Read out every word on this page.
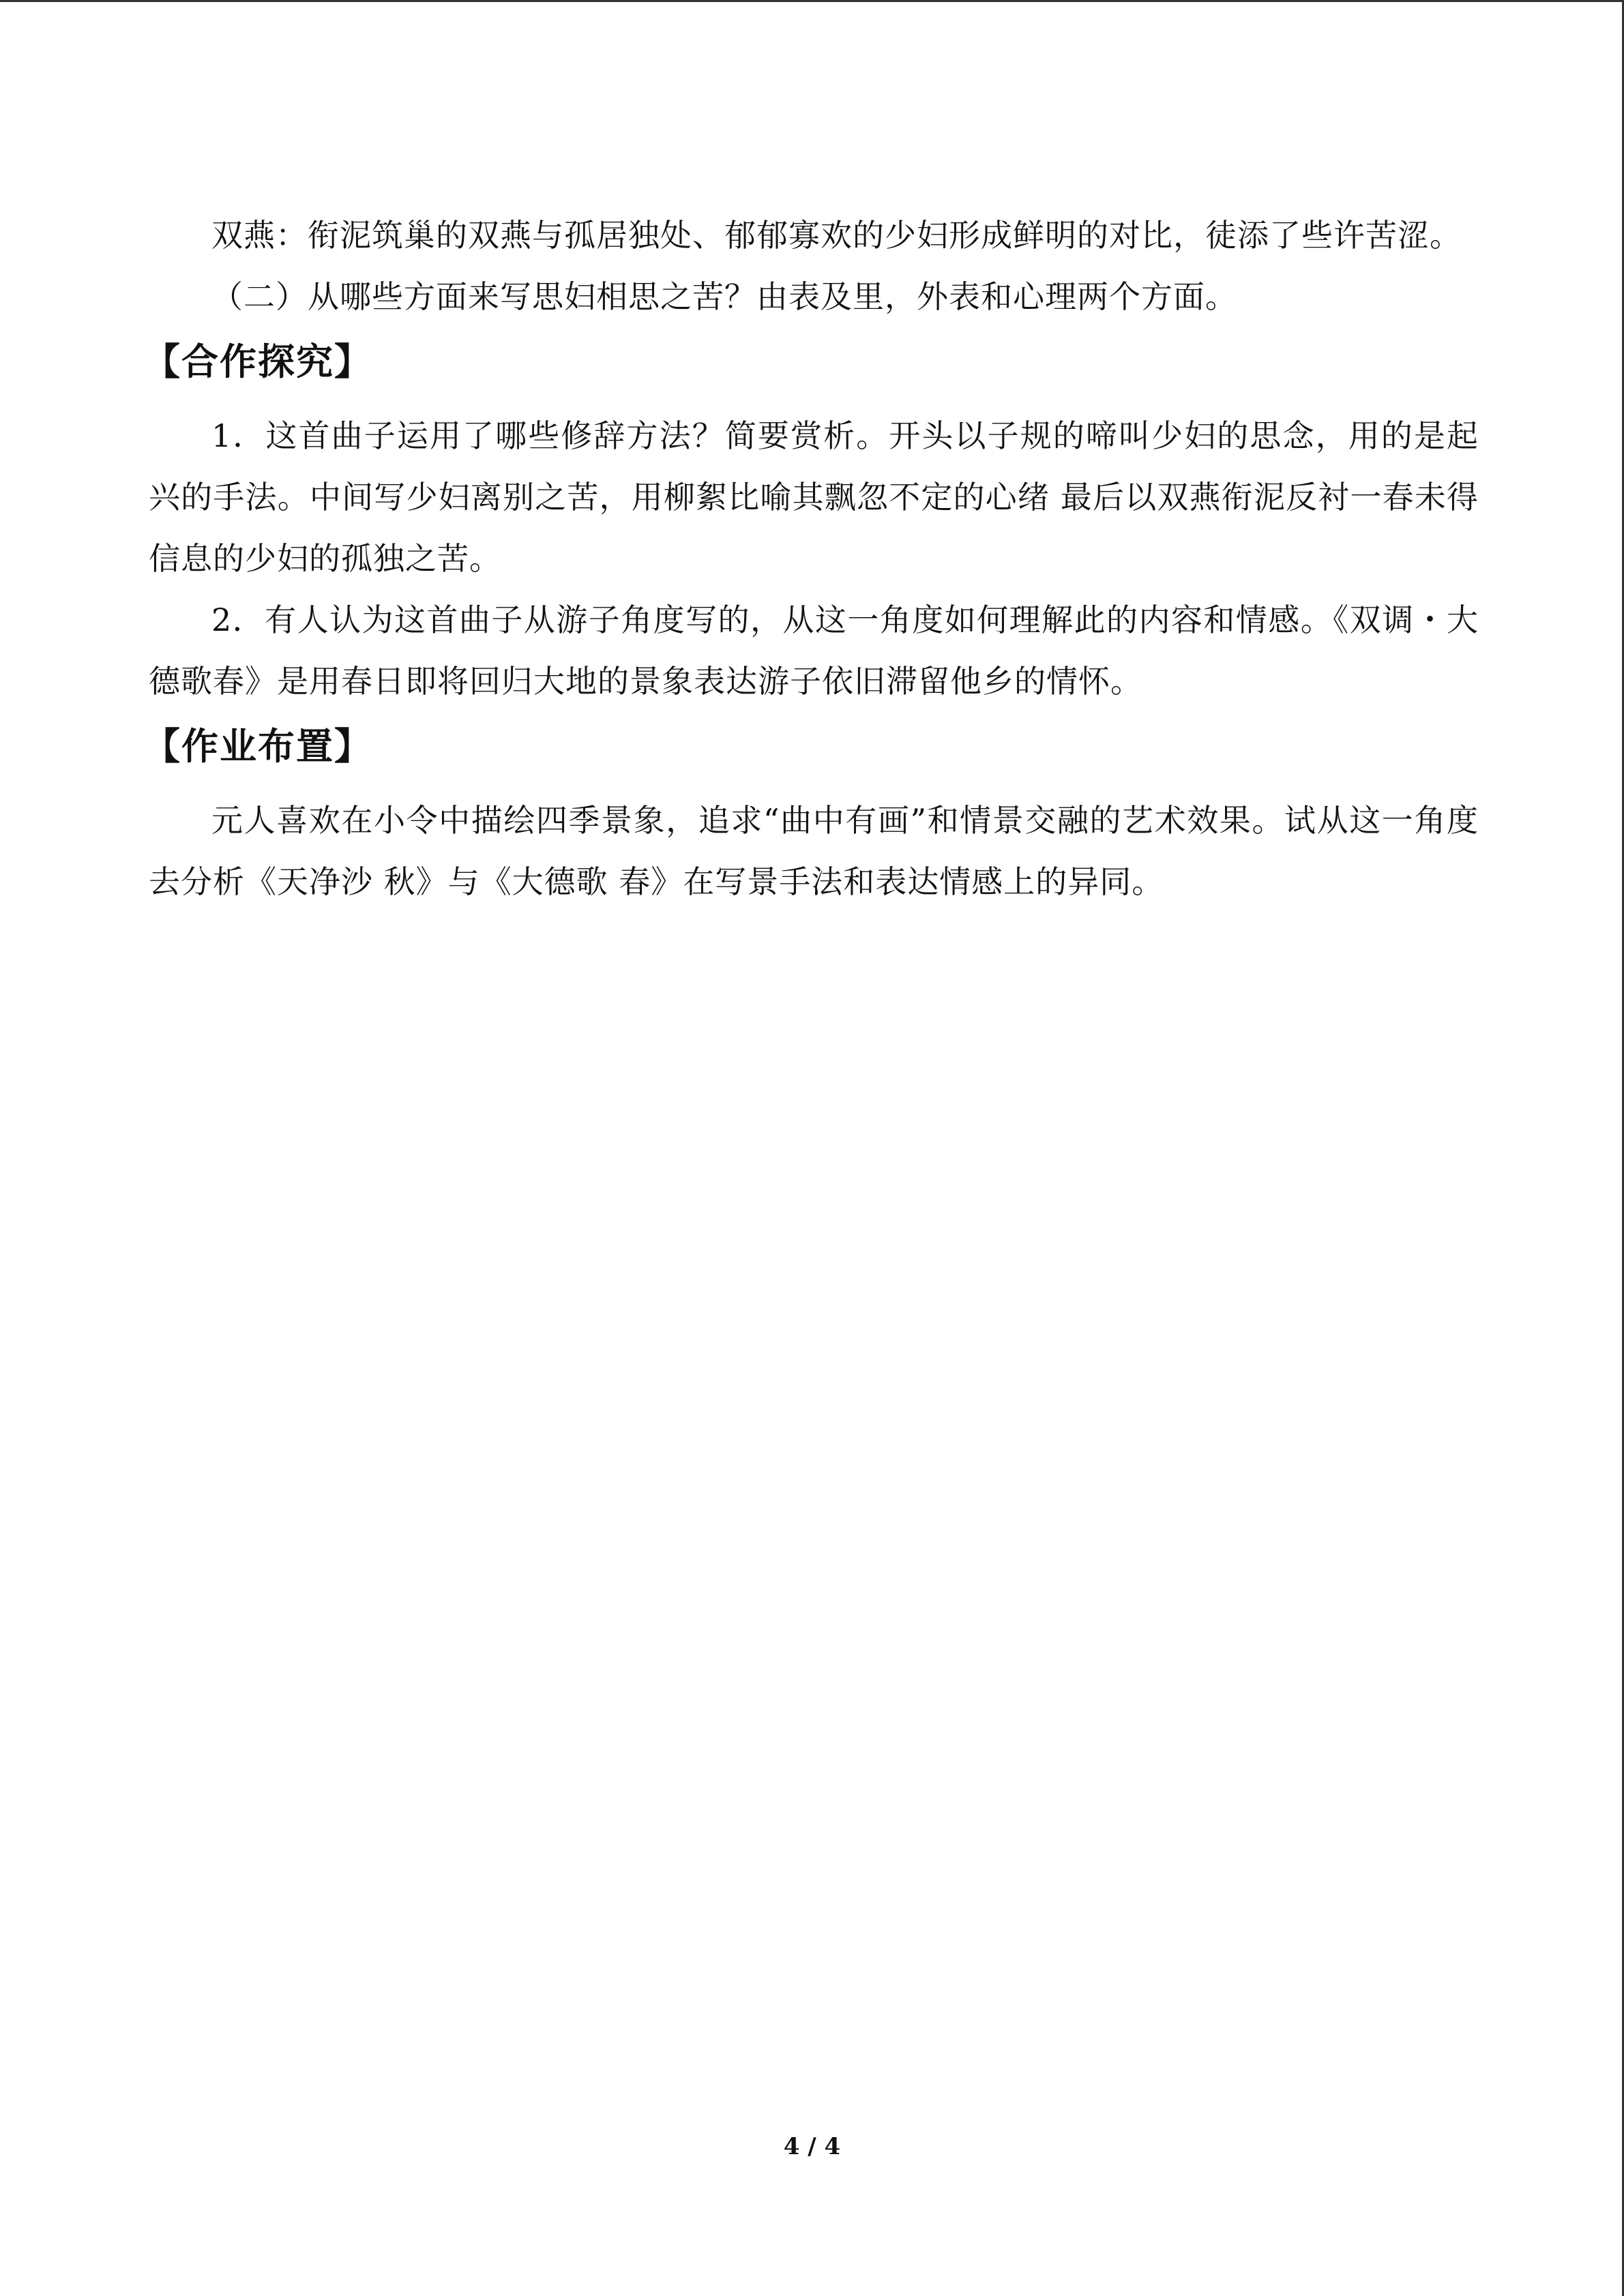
双燕：衔泥筑巢的双燕与孤居独处、郁郁寡欢的少妇形成鲜明的对比，徒添了些许苦涩。

（二）从哪些方面来写思妇相思之苦？由表及里，外表和心理两个方面。

【合作探究】

1．这首曲子运用了哪些修辞方法？简要赏析。开头以子规的啼叫少妇的思念，用的是起兴的手法。中间写少妇离别之苦，用柳絮比喻其飘忽不定的心绪 最后以双燕衔泥反衬一春未得信息的少妇的孤独之苦。

2．有人认为这首曲子从游子角度写的，从这一角度如何理解此的内容和情感。《双调・大德歌春》是用春日即将回归大地的景象表达游子依旧滞留他乡的情怀。

【作业布置】

元人喜欢在小令中描绘四季景象，追求“曲中有画”和情景交融的艺术效果。试从这一角度去分析《天净沙 秋》与《大德歌 春》在写景手法和表达情感上的异同。

4 / 4
